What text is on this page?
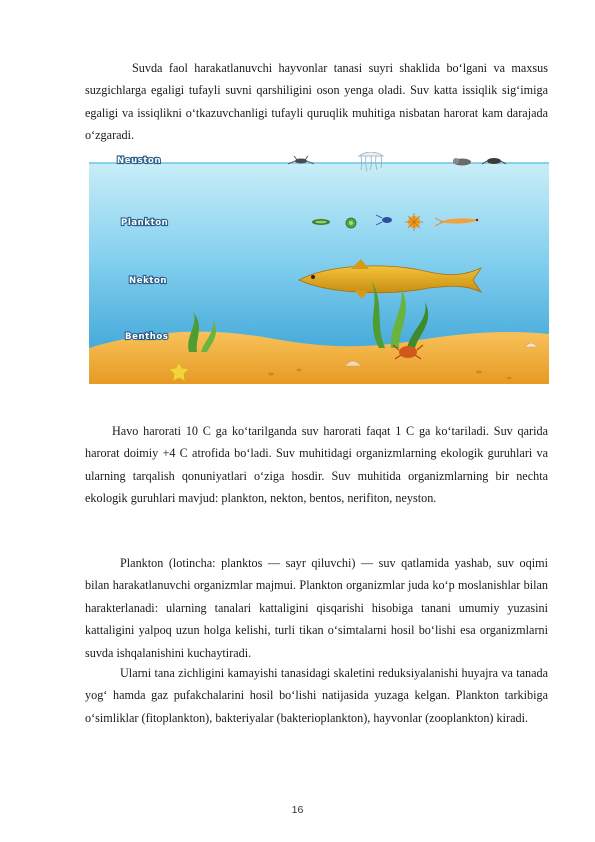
Suvda faol harakatlanuvchi hayvonlar tanasi suyri shaklida bo‘lgani va maxsus suzgichlarga egaligi tufayli suvni qarshiligini oson yenga oladi. Suv katta issiqlik sig‘imiga egaligi va issiqlikni o‘tkazuvchanligi tufayli quruqlik muhitiga nisbatan harorat kam darajada o‘zgaradi.

Neuston
Plankton
Nekton
Benthos

Havo harorati 10 C ga ko‘tarilganda suv harorati faqat 1 C ga ko‘tariladi. Suv qarida harorat doimiy +4 C atrofida bo‘ladi. Suv muhitidagi organizmlarning ekologik guruhlari va ularning tarqalish qonuniyatlari o‘ziga hosdir. Suv muhitida organizmlarning bir nechta ekologik guruhlari mavjud: plankton, nekton, bentos, nerifiton, neyston.

Plankton (lotincha: planktos — sayr qiluvchi) — suv qatlamida yashab, suv oqimi bilan harakatlanuvchi organizmlar majmui. Plankton organizmlar juda ko‘p moslanishlar bilan harakterlanadi: ularning tanalari kattaligini qisqarishi hisobiga tanani umumiy yuzasini kattaligini yalpoq uzun holga kelishi, turli tikan o‘simtalarni hosil bo‘lishi esa organizmlarni suvda ishqalanishini kuchaytiradi.

Ularni tana zichligini kamayishi tanasidagi skaletini reduksiyalanishi huyajra va tanada yog‘ hamda gaz pufakchalarini hosil bo‘lishi natijasida yuzaga kelgan. Plankton tarkibiga o‘simliklar (fitoplankton), bakteriyalar (bakterioplankton), hayvonlar (zooplankton) kiradi.

16
